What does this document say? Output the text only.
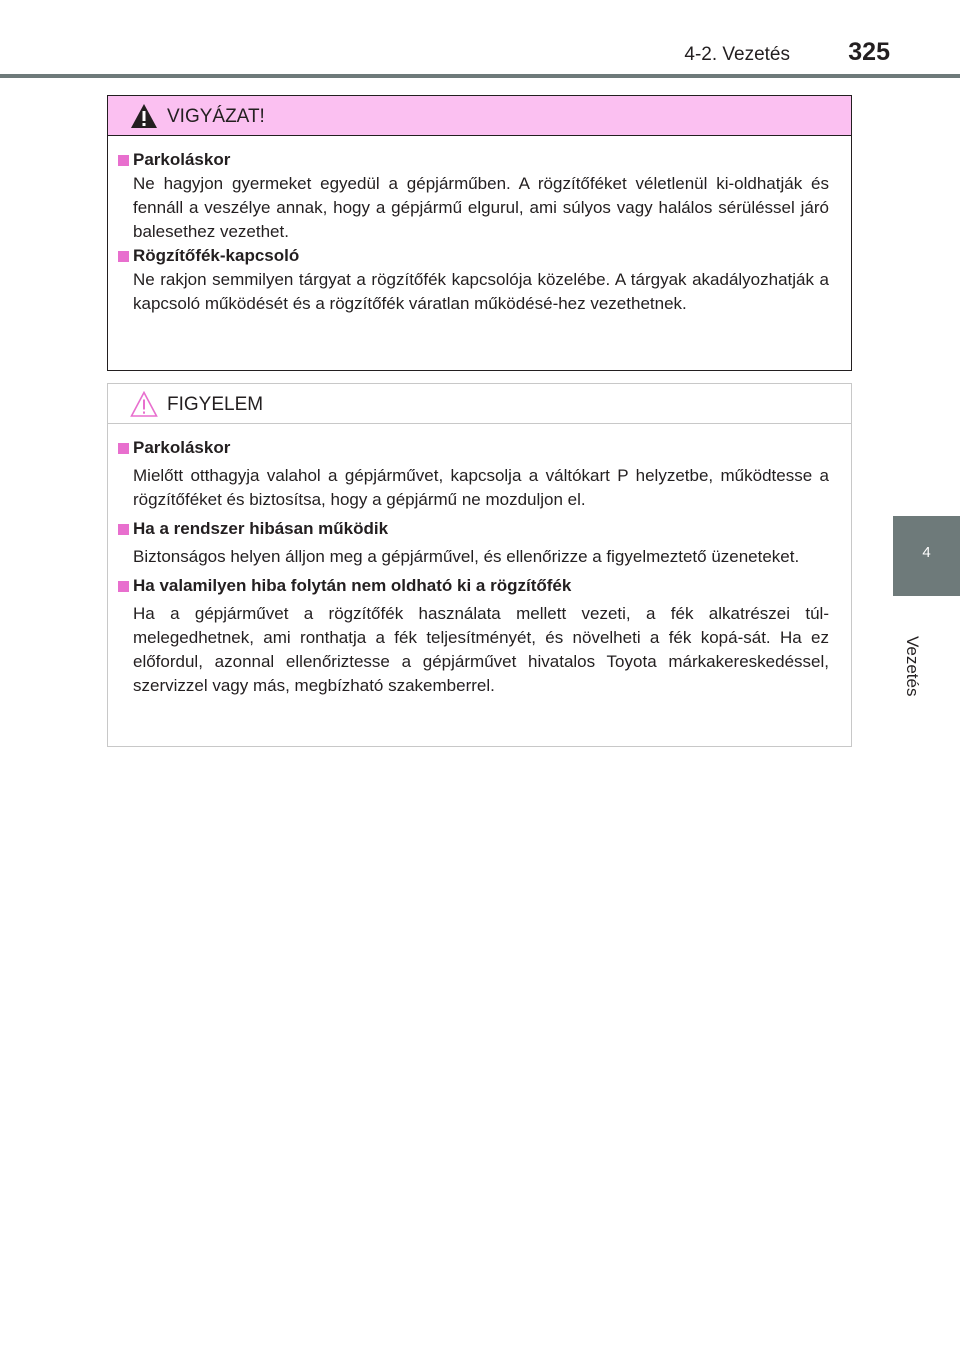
4-2. Vezetés	325
4
Vezetés
VIGYÁZAT!
Parkoláskor
Ne hagyjon gyermeket egyedül a gépjárműben. A rögzítőféket véletlenül ki-oldhatják és fennáll a veszélye annak, hogy a gépjármű elgurul, ami súlyos vagy halálos sérüléssel járó balesethez vezethet.
Rögzítőfék-kapcsoló
Ne rakjon semmilyen tárgyat a rögzítőfék kapcsolója közelébe. A tárgyak akadályozhatják a kapcsoló működését és a rögzítőfék váratlan működésé-hez vezethetnek.
FIGYELEM
Parkoláskor
Mielőtt otthagyja valahol a gépjárművet, kapcsolja a váltókart P helyzetbe, működtesse a rögzítőféket és biztosítsa, hogy a gépjármű ne mozduljon el.
Ha a rendszer hibásan működik
Biztonságos helyen álljon meg a gépjárművel, és ellenőrizze a figyelmeztető üzeneteket.
Ha valamilyen hiba folytán nem oldható ki a rögzítőfék
Ha a gépjárművet a rögzítőfék használata mellett vezeti, a fék alkatrészei túl-melegedhetnek, ami ronthatja a fék teljesítményét, és növelheti a fék kopá-sát. Ha ez előfordul, azonnal ellenőriztesse a gépjárművet hivatalos Toyota márkakereskedéssel, szervizzel vagy más, megbízható szakemberrel.
